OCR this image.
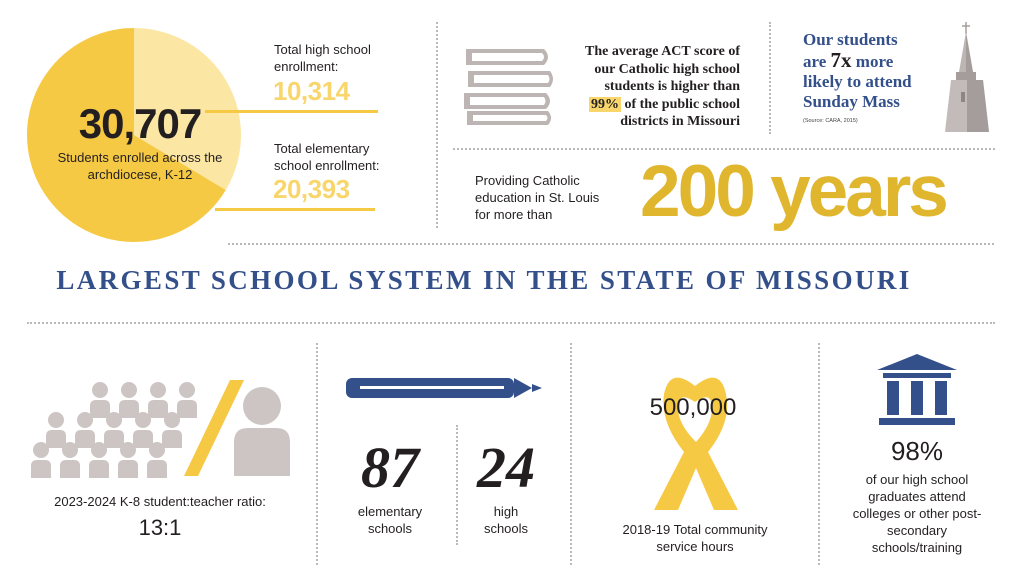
30,707
Students enrolled across the archdiocese, K-12
Total high school enrollment:
10,314
Total elementary school enrollment:
20,393
The average ACT score of
our Catholic high school
students is higher than
99% of the public school
districts in Missouri
Our students
are 7x more
likely to attend
Sunday Mass
(Source: CARA, 2015)
Providing Catholic education in St. Louis for more than	200 years
LARGEST SCHOOL SYSTEM IN THE STATE OF MISSOURI
2023-2024 K-8 student:teacher ratio:
13:1
87
elementary schools
24
high schools
500,000
2018-19 Total community service hours
98%
of our high school graduates attend colleges or other post-secondary schools/training
